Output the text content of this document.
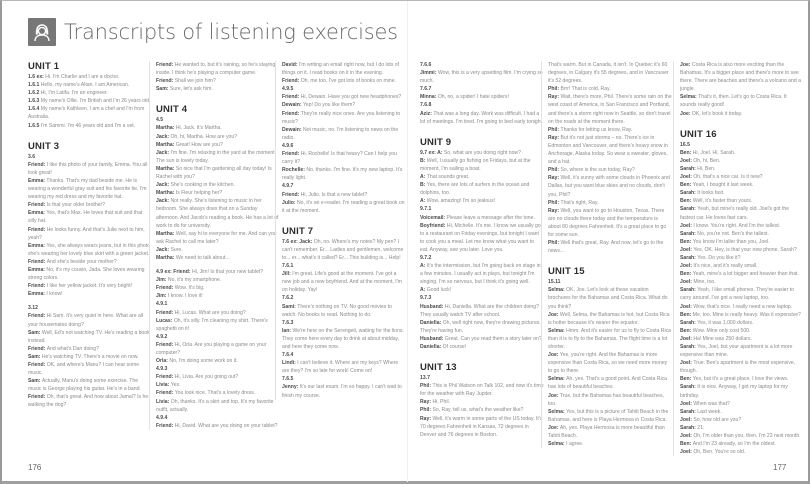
Transcripts of listening exercises
UNIT 1

1.6 ex: Hi. I'm Charlie and I am a doctor.

1.6.1 Hello, my name's Altan. I am American.

1.6.2 Hi, I'm Latifa. I'm an engineer.

1.6.3 My name's Ollie. I'm British and I'm 26 years old.

1.6.4 My name's Kathleen. I am a chef and I'm from Australia.

1.6.5 I'm Sammi. I'm 46 years old and I'm a vet.

UNIT 3
3.6

Friend: I like this photo of your family, Emma. You all look great!

Emma: Thanks. That's my dad beside me. He is wearing a wonderful gray suit and his favorite tie. I'm wearing my red dress and my favorite hat.

Friend: Is that your older brother?

Emma: Yes, that's Max. He loves that suit and that silly hat.

Friend: He looks funny. And that's Julie next to him, yeah?

Emma: Yes, she always wears jeans, but in this photo she's wearing her lovely blue skirt with a green jacket.

Friend: And she's beside your mother?

Emma: No, it's my cousin, Jada. She loves wearing strong colors.

Friend: I like her yellow jacket. It's very bright!

Emma: I know!

3.12

Friend: Hi Sam. It's very quiet in here. What are all your housemates doing?

Sam: Well, Ed's not watching TV. He's reading a book instead.

Friend: And what's Dan doing?

Sam: He's watching TV. There's a movie on now.

Friend: OK, and where's Manu? I can hear some music.

Sam: Actually, Manu's doing some exercise. The music is George playing his guitar. He's in a band.

Friend: Oh, that's great. And how about Jamal? Is he walking the dog?

Friend: He wanted to, but it's raining, so he's staying inside. I think he's playing a computer game.

Friend: Shall we join him?

Sam: Sure, let's ask him.

UNIT 4
4.5

Martha: Hi, Jack. It's Martha.

Jack: Oh, hi, Martha. How are you?

Martha: Great! How are you?

Jack: I'm fine. I'm relaxing in the yard at the moment. The sun is lovely today.

Martha: So nice that I'm gardening all day today! Is Rachel with you?

Jack: She's cooking in the kitchen.

Martha: Is Fleur helping her?

Jack: Not really. She's listening to music in her bedroom. She always does that on a Sunday afternoon. And Jacob's reading a book. He has a lot of work to do for university.

Martha: Well, say hi to everyone for me. And can you ask Rachel to call me later?

Jack: Sure.

Martha: We need to talk about...

4.9 ex: Friend: Hi, Jim! Is that your new tablet?

Jim: No, it's my smartphone.

Friend: Wow. It's big.

Jim: I know. I love it!

4.9.1

Friend: Hi, Lucas. What are you doing?

Lucas: Oh, it's silly. I'm cleaning my shirt. There's spaghetti on it!

4.9.2

Friend: Hi, Orla. Are you playing a game on your computer?

Orla: No, I'm doing some work on it.

4.9.3

Friend: Hi, Livia. Are you going out?

Livia: Yes.

Friend: You look nice. That's a lovely dress.

Livia: Oh, thanks. It's a skirt and top. It's my favorite outfit, actually.

4.9.4

Friend: Hi, David. What are you doing on your tablet?

David: I'm writing an email right now, but I do lots of things on it. I read books on it in the evening.

Friend: Oh, me too. I've got lots of books on mine.

4.9.5

Friend: Hi, Dewain. Have you got new headphones?

Dewain: Yep! Do you like them?

Friend: They're really nice ones. Are you listening to music?

Dewain: Not music, no. I'm listening to news on the radio.

4.9.6

Friend: Hi, Rochelle! Is that heavy? Can I help you carry it?

Rochelle: No, thanks. I'm fine. It's my new laptop. It's really light.

4.9.7

Friend: Hi, Julio. Is that a new tablet?

Julio: No, it's an e-reader. I'm reading a great book on it at the moment.

UNIT 7

7.6 ex: Jack: Oh, no. Where's my notes? My pen? I can't remember. Er... Ladies and gentlemen, welcome to... er... what's it called? Er... This building is... Help!

7.6.1

Jill: I'm great. Life's good at the moment. I've got a new job and a new boyfriend. And at the moment, I'm on holiday. Yay!

7.6.2

Sami: There's nothing on TV. No good movies to watch. No books to read. Nothing to do.

7.6.3

Ian: We're here on the Serengeti, waiting for the lions. They come here every day to drink at about midday, and here they come now.

7.6.4

Lindi: I can't believe it. Where are my keys? Where are they? I'm so late for work! Come on!

7.6.5

Jenny: It's our last exam. I'm so happy. I can't wait to finish my course.

7.6.6

Jimmi: Wow, this is a very upsetting film. I'm crying so much.

7.6.7

Minna: Oh, no, a spider! I hate spiders!

7.6.8

Aziz: That was a long day. Work was difficult. I had a lot of meetings. I'm tired. I'm going to bed early tonight.

UNIT 9

9.7 ex: A: So, what are you doing right now?

B: Well, I usually go fishing on Fridays, but at the moment, I'm sailing a boat.

A: That sounds great.

B: Yes, there are lots of surfers in the ocean and dolphins, too.

A: Wow, amazing! I'm so jealous!

9.7.1

Voicemail: Please leave a message after the tone.

Boyfriend: Hi, Michelle. It's me. I know we usually go to a restaurant on Friday evenings, but tonight I want to cook you a meal. Let me know what you want to eat. Anyway, see you later. Love you.

9.7.2

A: It's the intermission, but I'm going back on stage in a few minutes. I usually act in plays, but tonight I'm singing. I'm so nervous, but I think it's going well.

A: Good luck!

9.7.3

Husband: Hi, Daniella. What are the children doing? They usually watch TV after school.

Daniella: Oh, well right now, they're drawing pictures. They're having fun.

Husband: Great. Can you read them a story later on?

Daniella: Of course!

UNIT 13
13.7

Phil: This is Phil Watson on Talk 102, and now it's time for the weather with Ray Jupiter.

Ray: Hi, Phil.

Phil: So, Ray, tell us, what's the weather like?

Ray: Well, it's warm in some parts of the US today. It's 70 degrees Fahrenheit in Kansas, 72 degrees in Denver and 76 degrees in Boston.

That's warm. But in Canada, it isn't. In Quebec it's 60 degrees, in Calgary it's 55 degrees, and in Vancouver it's 52 degrees.

Phil: Brrr! That is cold, Ray.

Ray: Wait, there's more, Phil. There's some rain on the west coast of America, in San Francisco and Portland, and there's a storm right now in Seattle, so don't travel on the roads at the moment there.

Phil: Thanks for letting us know, Ray.

Ray: But it's not just storms – no. There's ice in Edmonton and Vancouver, and there's heavy snow in Anchorage, Alaska today. So wear a sweater, gloves, and a hat.

Phil: So, where is the sun today, Ray?

Ray: Well, it's sunny with some clouds in Phoenix and Dallas, but you want blue skies and no clouds, don't you, Phil?

Phil: That's right, Ray.

Ray: Well, you want to go to Houston, Texas. There are no clouds there today and the temperature is about 80 degrees Fahrenheit. It's a great place to go for some sun.

Phil: Well that's great, Ray. And now, let's go to the news...

UNIT 15
15.11

Selma: OK, Joe. Let's look at these vacation brochures for the Bahamas and Costa Rica. What do you think?

Joe: Well, Selma, the Bahamas is hot, but Costa Rica is hotter because it's nearer the equator.

Selma: Hmm. And it's easier for us to fly to Costa Rica than it is to fly to the Bahamas. The flight time is a lot shorter.

Joe: Yes, you're right. And the Bahamas is more expensive than Costa Rica, so we need more money to go to there.

Selma: Ah, yes. That's a good point. And Costa Rica has lots of beautiful beaches.

Joe: True, but the Bahamas has beautiful beaches, too.

Selma: Yes, but this is a picture of Tahiti Beach in the Bahamas, and here is Playa Hermosa in Costa Rica.

Joe: Ah, yes. Playa Hermosa is more beautiful than Tahiti Beach.

Selma: I agree.

Joe: Costa Rica is also more exciting than the Bahamas. It's a bigger place and there's more to see there. There are beaches and there's a volcano and a jungle.

Selma: That's it, then. Let's go to Costa Rica. It sounds really good!

Joe: OK, let's book it today.

UNIT 16
16.5

Ben: Hi, Joel. Hi, Sarah.

Joel: Oh, hi, Ben.

Sarah: Hi, Ben.

Joel: Oh, that's a nice car. Is it new?

Ben: Yeah, I bought it last week.

Sarah: It looks fast.

Ben: Well, it's faster than yours.

Sarah: Yeah, but mine's really old. Joel's got the fastest car. He loves fast cars.

Joel: I know. You're right. And I'm the tallest.

Sarah: No, you're not. Ben's the tallest.

Ben: You know I'm taller than you, Joel.

Joel: Yes, OK. Hey, is that your new phone, Sarah?

Sarah: Yes. Do you like it?

Joel: It's nice, and it's really small.

Ben: Yeah, mine's a lot bigger and heavier than that.

Joel: Mine, too.

Sarah: Yeah, I like small phones. They're easier to carry around. I've got a new laptop, too.

Joel: Wow, that's nice. I really need a new laptop.

Ben: Me, too. Mine is really heavy. Was it expensive?

Sarah: Yes, it was 1,000 dollars.

Ben: Wow. Mine only cost 500.

Joel: Ha! Mine was 250 dollars.

Sarah: Yes, Joel, but your apartment is a lot more expensive than mine.

Joel: True. Ben's apartment is the most expensive, though.

Ben: Yes, but it's a great place. I love the views.

Sarah: It is nice. Anyway, I got my laptop for my birthday.

Joel: When was that?

Sarah: Last week.

Joel: So, how old are you?

Sarah: 21.

Joel: Oh, I'm older than you, then. I'm 22 next month.

Ben: And I'm 23 already, so I'm the oldest.

Joel: Oh, Ben. You're so old.

176	177
